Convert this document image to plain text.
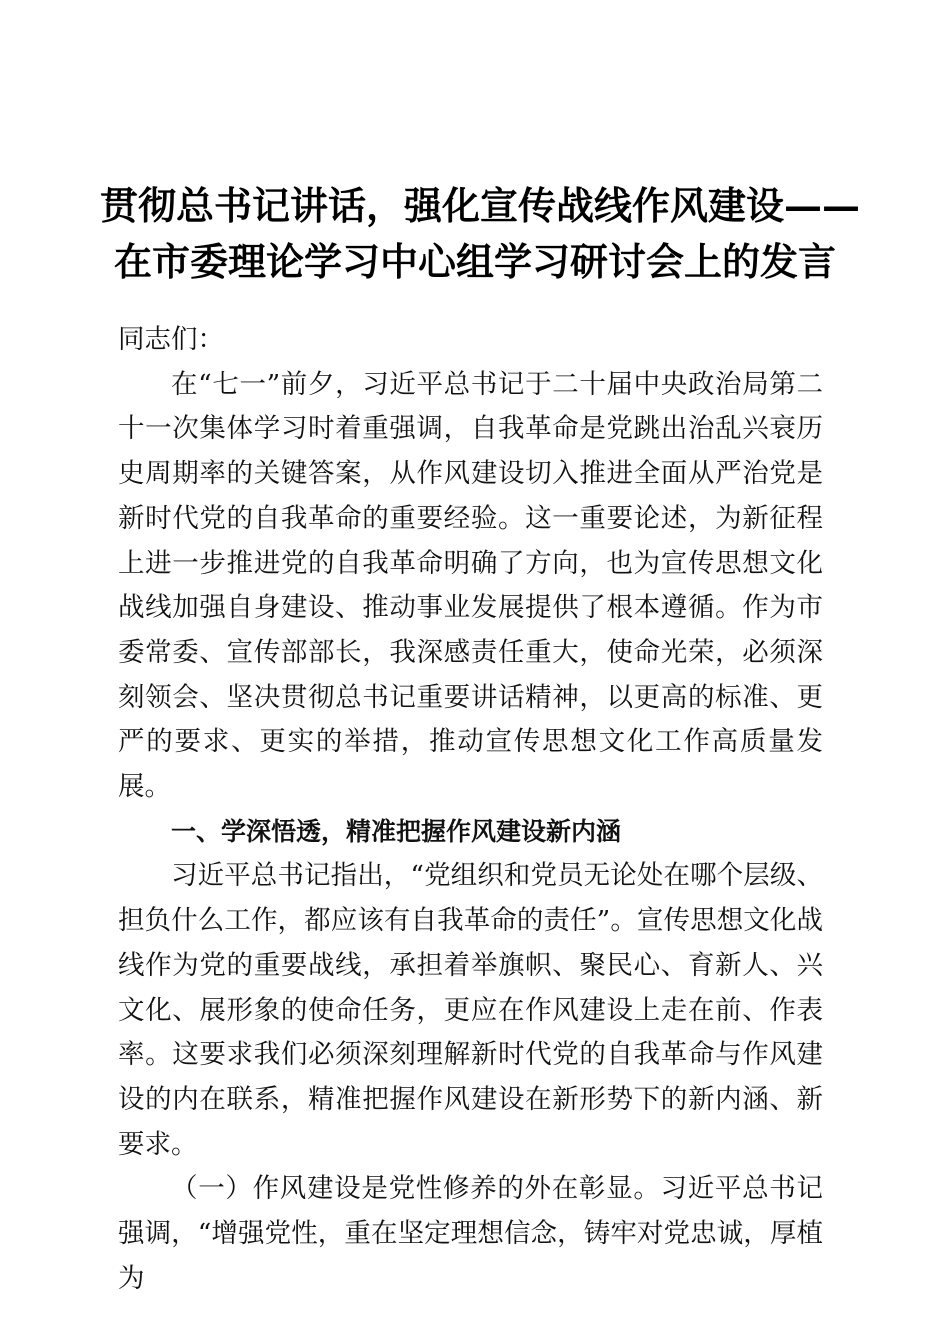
贯彻总书记讲话，强化宣传战线作风建设——
在市委理论学习中心组学习研讨会上的发言

同志们：

在“七一”前夕，习近平总书记于二十届中央政治局第二十一次集体学习时着重强调，自我革命是党跳出治乱兴衰历史周期率的关键答案，从作风建设切入推进全面从严治党是新时代党的自我革命的重要经验。这一重要论述，为新征程上进一步推进党的自我革命明确了方向，也为宣传思想文化战线加强自身建设、推动事业发展提供了根本遵循。作为市委常委、宣传部部长，我深感责任重大，使命光荣，必须深刻领会、坚决贯彻总书记重要讲话精神，以更高的标准、更严的要求、更实的举措，推动宣传思想文化工作高质量发展。

一、学深悟透，精准把握作风建设新内涵

习近平总书记指出，“党组织和党员无论处在哪个层级、担负什么工作，都应该有自我革命的责任”。宣传思想文化战线作为党的重要战线，承担着举旗帜、聚民心、育新人、兴文化、展形象的使命任务，更应在作风建设上走在前、作表率。这要求我们必须深刻理解新时代党的自我革命与作风建设的内在联系，精准把握作风建设在新形势下的新内涵、新要求。

（一）作风建设是党性修养的外在彰显。习近平总书记强调，“增强党性，重在坚定理想信念，铸牢对党忠诚，厚植为
